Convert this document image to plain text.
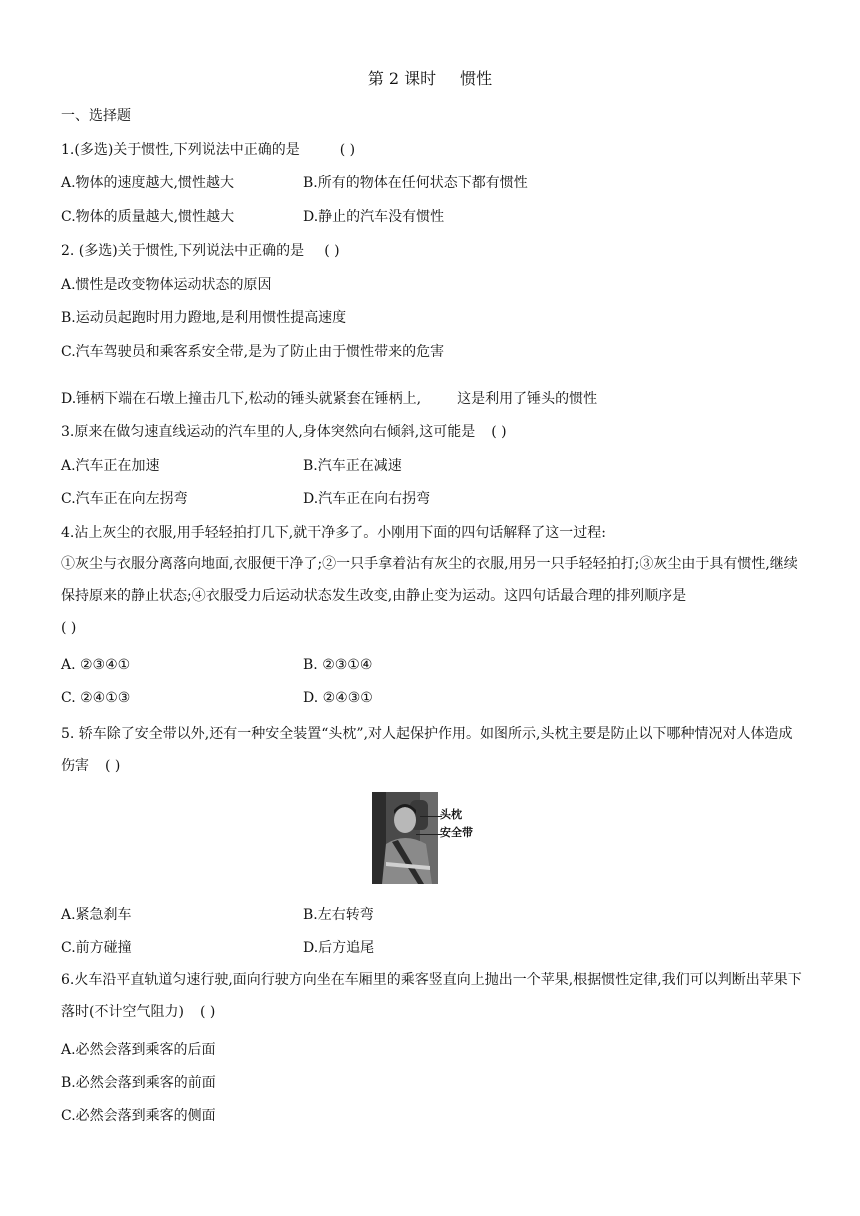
第 2 课时 惯性
一、选择题
1.(多选)关于惯性,下列说法中正确的是	( )
A.物体的速度越大,惯性越大	B.所有的物体在任何状态下都有惯性
C.物体的质量越大,惯性越大	D.静止的汽车没有惯性
2. (多选)关于惯性,下列说法中正确的是 ( )
A.惯性是改变物体运动状态的原因
B.运动员起跑时用力蹬地,是利用惯性提高速度
C.汽车驾驶员和乘客系安全带,是为了防止由于惯性带来的危害
D.锤柄下端在石墩上撞击几下,松动的锤头就紧套在锤柄上,	这是利用了锤头的惯性
3.原来在做匀速直线运动的汽车里的人,身体突然向右倾斜,这可能是 ( )
A.汽车正在加速	B.汽车正在减速
C.汽车正在向左拐弯	D.汽车正在向右拐弯
4.沾上灰尘的衣服,用手轻轻拍打几下,就干净多了。小刚用下面的四句话解释了这一过程:
①灰尘与衣服分离落向地面,衣服便干净了;②一只手拿着沾有灰尘的衣服,用另一只手轻轻拍打;③灰尘由于具有惯性,继续保持原来的静止状态;④衣服受力后运动状态发生改变,由静止变为运动。这四句话最合理的排列顺序是
( )
A. ②③④①	B. ②③①④
C. ②④①③	D. ②④③①
5. 轿车除了安全带以外,还有一种安全装置“头枕”,对人起保护作用。如图所示,头枕主要是防止以下哪种情况对人体造成伤害 ( )
头枕
安全带
A.紧急刹车	B.左右转弯
C.前方碰撞	D.后方追尾
6.火车沿平直轨道匀速行驶,面向行驶方向坐在车厢里的乘客竖直向上抛出一个苹果,根据惯性定律,我们可以判断出苹果下落时(不计空气阻力) ( )
A.必然会落到乘客的后面
B.必然会落到乘客的前面
C.必然会落到乘客的侧面
